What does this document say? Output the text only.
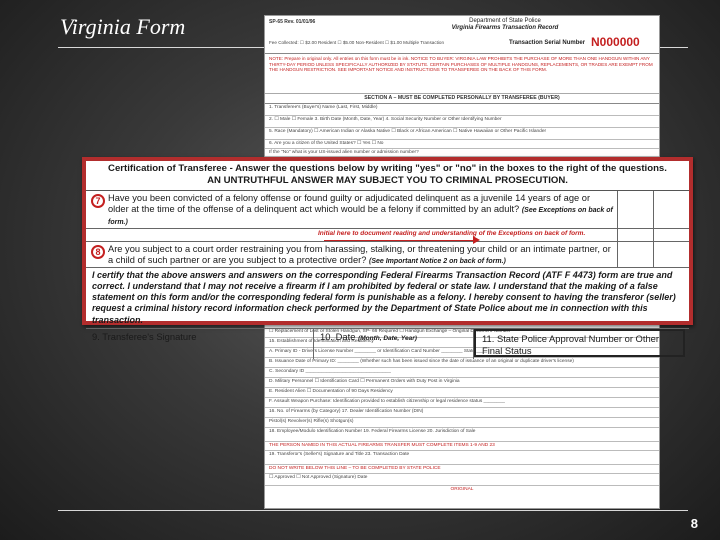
Virginia Form	SP-65 Rev. 01/01/96	Department of State Police
Virginia Firearms Transaction Record
Fee Collected: ☐ $2.00 Resident ☐ $5.00 Non-Resident ☐ $1.00 Multiple Transaction	Transaction Serial Number N000000
NOTE: Prepare in original only. All entries on this form must be in ink. NOTICE TO BUYER: VIRGINIA LAW PROHIBITS THE PURCHASE OF MORE THAN ONE HANDGUN WITHIN ANY THIRTY-DAY PERIOD UNLESS SPECIFICALLY AUTHORIZED BY STATUTE. CERTAIN PURCHASES OF MULTIPLE HANDGUNS, REPLACEMENTS, OR TRADES ARE EXEMPT FROM THE HANDGUN RESTRICTION. SEE IMPORTANT NOTICE AND INSTRUCTIONS TO TRANSFEREE ON THE BACK OF THIS FORM.
SECTION A – MUST BE COMPLETED PERSONALLY BY TRANSFEREE (BUYER)
1. Transferee's (Buyer's) Name (Last, First, Middle)
2. ☐ Male ☐ Female 3. Birth Date (Month, Date, Year) 4. Social Security Number or Other Identifying Number
5. Race (Mandatory) ☐ American Indian or Alaska Native ☐ Black or African American ☐ Native Hawaiian or Other Pacific Islander
6. Are you a citizen of the United States? ☐ Yes ☐ No
If the "No" what is your US-issued alien number or admission number?
☐ Replacement of Lost or Stolen Handgun, SP- 66 Required ☐ Handgun Exchange – Original Document Number
15. Establishment of Identification and Residency
A. Primary ID - Drivers License Number ________ or Identification Card Number ________ State ____
B. Issuance Date of Primary ID: ________ (Whether such has been issued since the date of issuance of an original or duplicate driver's license)
C. Secondary ID ________________________________
D. Military Personnel ☐ Identification Card ☐ Permanent Orders with Duty Post in Virginia
E. Resident Alien ☐ Documentation of 90 Days Residency
F. Assault Weapon Purchase: Identification provided to establish citizenship or legal residence status ________
16. No. of Firearms (by Category) 17. Dealer Identification Number (DIN)
Pistol(s) Revolver(s) Rifle(s) Shotgun(s)
18. Employee/Modulo Identification Number 19. Federal Firearms License 20. Jurisdiction of Sale
THE PERSON NAMED IN THIS ACTUAL FIREARMS TRANSFER MUST COMPLETE ITEMS 1-9 AND 23
19. Transferor's (Seller's) Signature and Title 23. Transaction Date
DO NOT WRITE BELOW THIS LINE – TO BE COMPLETED BY STATE POLICE
☐ Approved ☐ Not Approved (Signature) Date
ORIGINAL
Certification of Transferee - Answer the questions below by writing "yes" or "no" in the boxes to the right of the questions.
AN UNTRUTHFUL ANSWER MAY SUBJECT YOU TO CRIMINAL PROSECUTION.
7 Have you been convicted of a felony offense or found guilty or adjudicated delinquent as a juvenile 14 years of age or older at the time of the offense of a delinquent act which would be a felony if committed by an adult? (See Exceptions on back of form.)
Initial here to document reading and understanding of the Exceptions on back of form.
8 Are you subject to a court order restraining you from harassing, stalking, or threatening your child or an intimate partner, or a child of such partner or are you subject to a protective order? (See Important Notice 2 on back of form.)
I certify that the above answers and answers on the corresponding Federal Firearms Transaction Record (ATF F 4473) form are true and correct. I understand that I may not receive a firearm if I am prohibited by federal or state law. I understand that the making of a false statement on this form and/or the corresponding federal form is punishable as a felony. I hereby consent to having the transferor (seller) request a criminal history record information check performed by the Department of State Police about me in connection with this transaction.
9. Transferee's Signature	10. Date (Month, Date, Year)	11. State Police Approval Number or Other Final Status
8
